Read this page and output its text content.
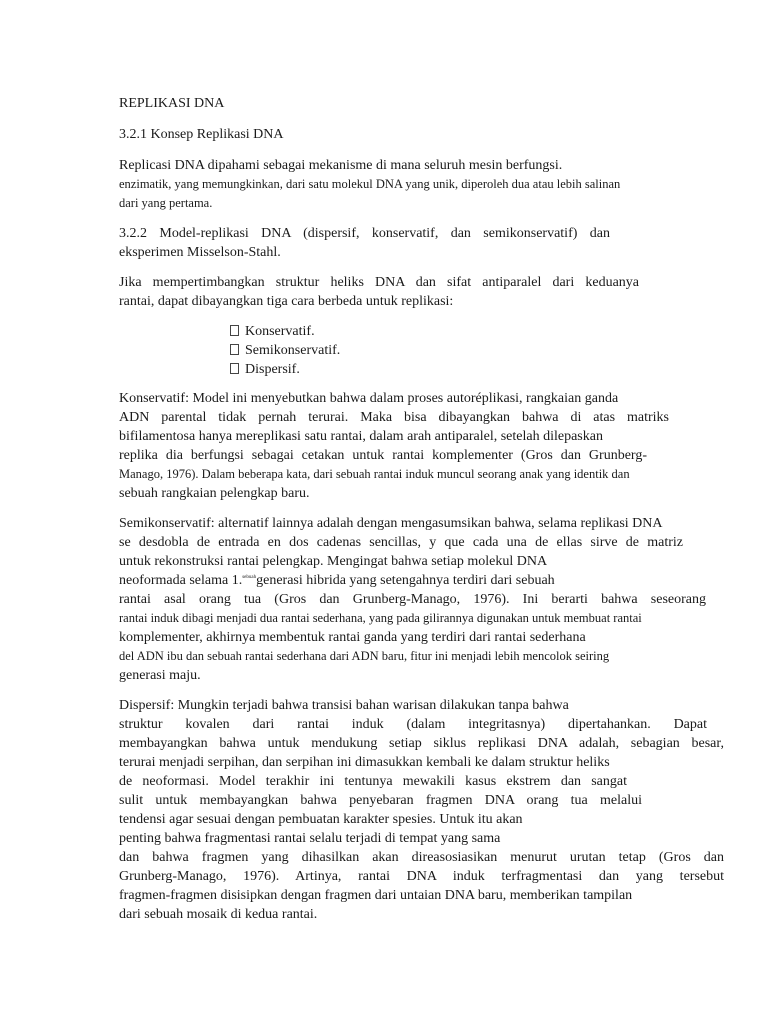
REPLIKASI DNA
3.2.1 Konsep Replikasi DNA
Replicasi DNA dipahami sebagai mekanisme di mana seluruh mesin berfungsi.
enzimatik, yang memungkinkan, dari satu molekul DNA yang unik, diperoleh dua atau lebih salinan
dari yang pertama.
3.2.2 Model-replikasi DNA (dispersif, konservatif, dan semikonservatif) dan
eksperimen Misselson-Stahl.
Jika mempertimbangkan struktur heliks DNA dan sifat antiparalel dari keduanya
rantai, dapat dibayangkan tiga cara berbeda untuk replikasi:
Konservatif.
Semikonservatif.
Dispersif.
Konservatif: Model ini menyebutkan bahwa dalam proses autoréplikasi, rangkaian ganda
ADN parental tidak pernah terurai. Maka bisa dibayangkan bahwa di atas matriks
bifilamentosa hanya mereplikasi satu rantai, dalam arah antiparalel, setelah dilepaskan
replika dia berfungsi sebagai cetakan untuk rantai komplementer (Gros dan Grunberg-
Manago, 1976). Dalam beberapa kata, dari sebuah rantai induk muncul seorang anak yang identik dan
sebuah rangkaian pelengkap baru.
Semikonservatif: alternatif lainnya adalah dengan mengasumsikan bahwa, selama replikasi DNA
se desdobla de entrada en dos cadenas sencillas, y que cada una de ellas sirve de matriz
untuk rekonstruksi rantai pelengkap. Mengingat bahwa setiap molekul DNA
neoformada selama 1.$^{sebuah}$generasi hibrida yang setengahnya terdiri dari sebuah
rantai asal orang tua (Gros dan Grunberg-Manago, 1976). Ini berarti bahwa seseorang
rantai induk dibagi menjadi dua rantai sederhana, yang pada gilirannya digunakan untuk membuat rantai
komplementer, akhirnya membentuk rantai ganda yang terdiri dari rantai sederhana
del ADN ibu dan sebuah rantai sederhana dari ADN baru, fitur ini menjadi lebih mencolok seiring
generasi maju.
Dispersif: Mungkin terjadi bahwa transisi bahan warisan dilakukan tanpa bahwa
struktur kovalen dari rantai induk (dalam integritasnya) dipertahankan. Dapat
membayangkan bahwa untuk mendukung setiap siklus replikasi DNA adalah, sebagian besar,
terurai menjadi serpihan, dan serpihan ini dimasukkan kembali ke dalam struktur heliks
de neoformasi. Model terakhir ini tentunya mewakili kasus ekstrem dan sangat
sulit untuk membayangkan bahwa penyebaran fragmen DNA orang tua melalui
tendensi agar sesuai dengan pembuatan karakter spesies. Untuk itu akan
penting bahwa fragmentasi rantai selalu terjadi di tempat yang sama
dan bahwa fragmen yang dihasilkan akan direasosiasikan menurut urutan tetap (Gros dan
Grunberg-Manago, 1976). Artinya, rantai DNA induk terfragmentasi dan yang tersebut
fragmen-fragmen disisipkan dengan fragmen dari untaian DNA baru, memberikan tampilan
dari sebuah mosaik di kedua rantai.
